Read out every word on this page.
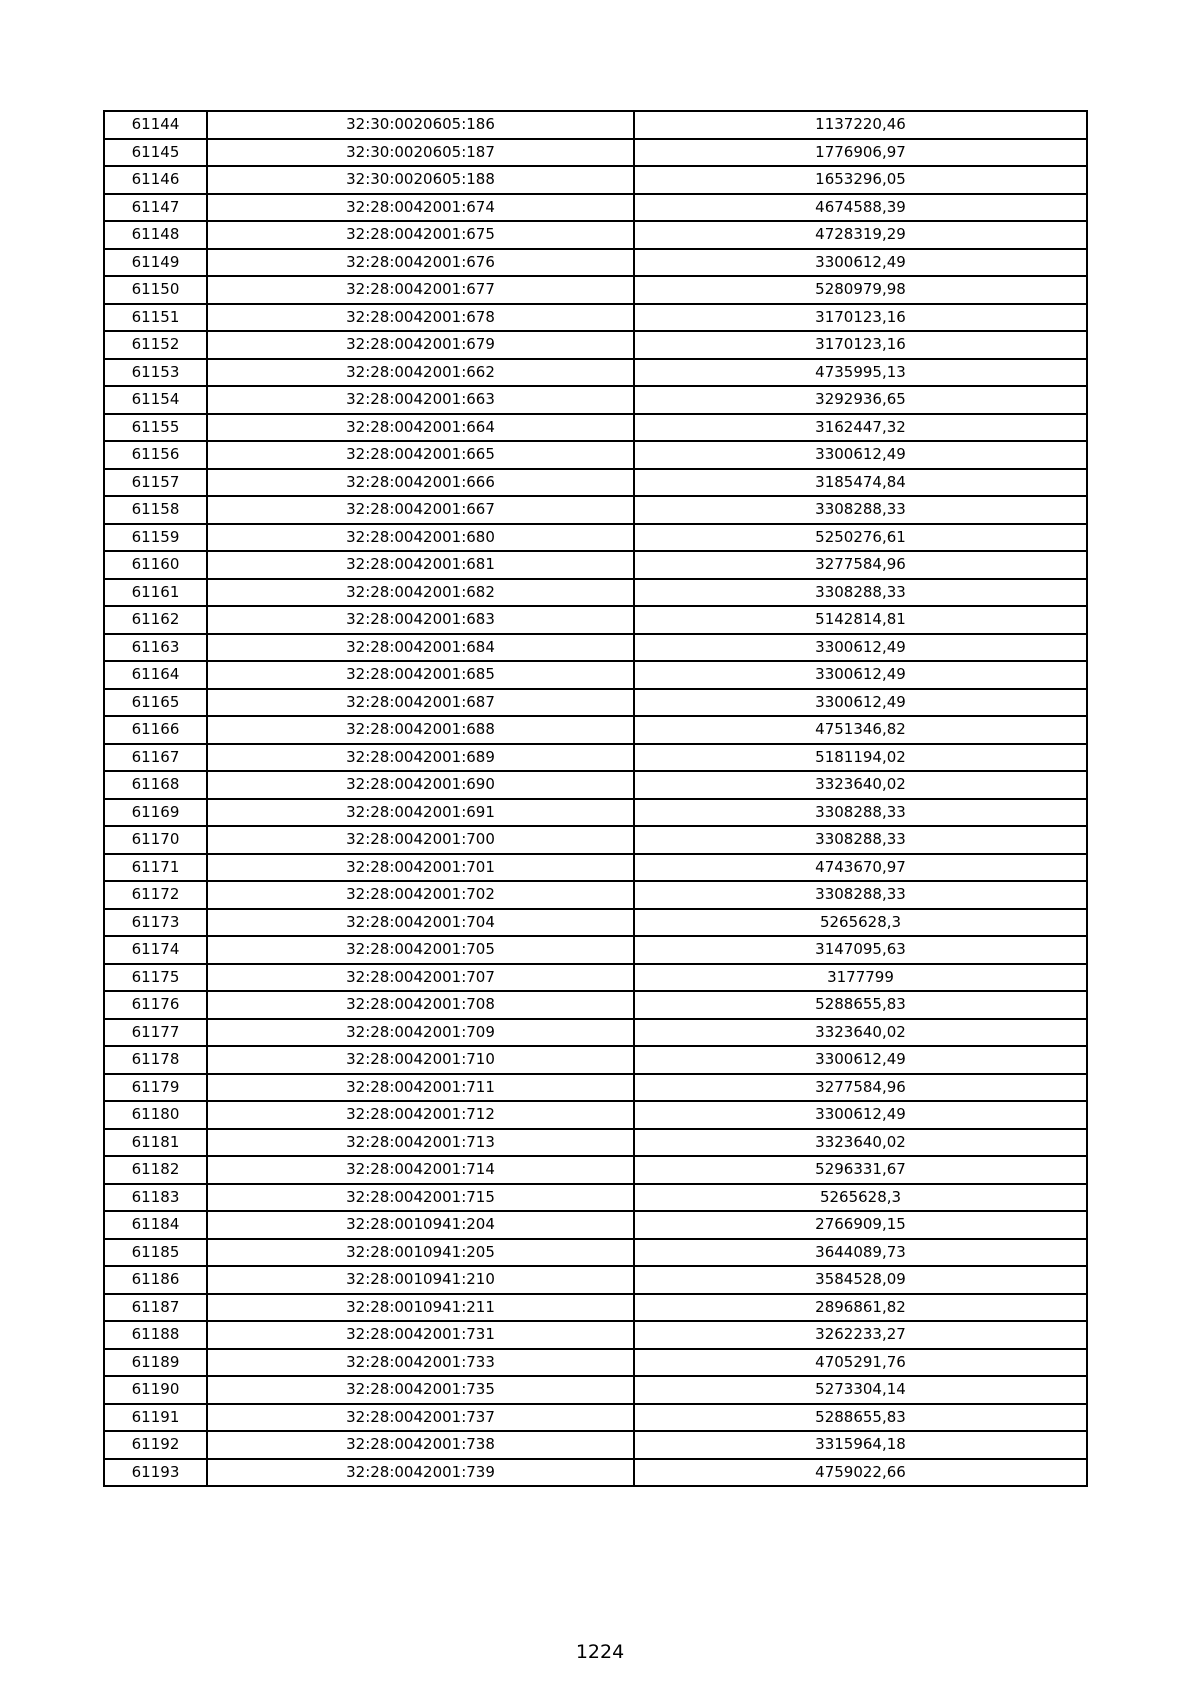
61144	32:30:0020605:186	1137220,46
61145	32:30:0020605:187	1776906,97
61146	32:30:0020605:188	1653296,05
61147	32:28:0042001:674	4674588,39
61148	32:28:0042001:675	4728319,29
61149	32:28:0042001:676	3300612,49
61150	32:28:0042001:677	5280979,98
61151	32:28:0042001:678	3170123,16
61152	32:28:0042001:679	3170123,16
61153	32:28:0042001:662	4735995,13
61154	32:28:0042001:663	3292936,65
61155	32:28:0042001:664	3162447,32
61156	32:28:0042001:665	3300612,49
61157	32:28:0042001:666	3185474,84
61158	32:28:0042001:667	3308288,33
61159	32:28:0042001:680	5250276,61
61160	32:28:0042001:681	3277584,96
61161	32:28:0042001:682	3308288,33
61162	32:28:0042001:683	5142814,81
61163	32:28:0042001:684	3300612,49
61164	32:28:0042001:685	3300612,49
61165	32:28:0042001:687	3300612,49
61166	32:28:0042001:688	4751346,82
61167	32:28:0042001:689	5181194,02
61168	32:28:0042001:690	3323640,02
61169	32:28:0042001:691	3308288,33
61170	32:28:0042001:700	3308288,33
61171	32:28:0042001:701	4743670,97
61172	32:28:0042001:702	3308288,33
61173	32:28:0042001:704	5265628,3
61174	32:28:0042001:705	3147095,63
61175	32:28:0042001:707	3177799
61176	32:28:0042001:708	5288655,83
61177	32:28:0042001:709	3323640,02
61178	32:28:0042001:710	3300612,49
61179	32:28:0042001:711	3277584,96
61180	32:28:0042001:712	3300612,49
61181	32:28:0042001:713	3323640,02
61182	32:28:0042001:714	5296331,67
61183	32:28:0042001:715	5265628,3
61184	32:28:0010941:204	2766909,15
61185	32:28:0010941:205	3644089,73
61186	32:28:0010941:210	3584528,09
61187	32:28:0010941:211	2896861,82
61188	32:28:0042001:731	3262233,27
61189	32:28:0042001:733	4705291,76
61190	32:28:0042001:735	5273304,14
61191	32:28:0042001:737	5288655,83
61192	32:28:0042001:738	3315964,18
61193	32:28:0042001:739	4759022,66
1224
